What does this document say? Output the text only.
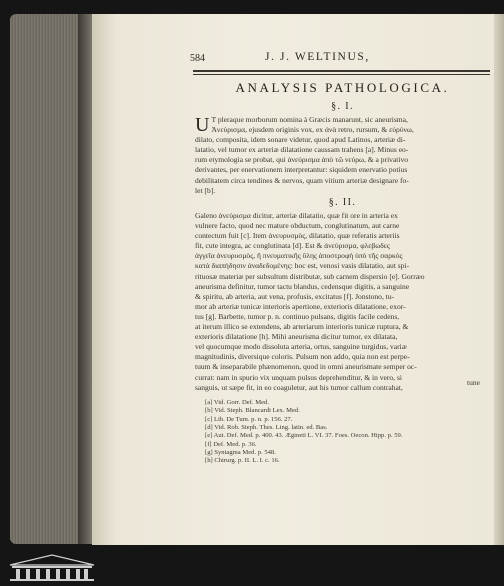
584	J. J. WELTINUS,
ANALYSIS PATHOLOGICA.
§. I.
U T pleraque morborum nomina à Græcis manarunt, sic aneurisma,
Ἀνεύρισμα, ejusdem originis vox, ex ἀνὰ retro, rursum, & εὐρύνω,
dilato, composita, idem sonare videtur, quod apud Latinos, arteriæ di-
latatio, vel tumor ex arteriæ dilatatione caussam trahens [a]. Minus eo-
rum etymologia se probat, qui ἀνεύρισμα ἀπὸ τῶ νεύρω, & a privativo
derivantes, per enervationem interpretantur: siquidem enervatio potius
debilitatem circa tendines & nervos, quam vitium arteriæ designare fo-
let [b].
§. II.
Galeno ἀνεύρισμα dicitur, arteriæ dilatatio, quæ fit ore in arteria ex
vulnere facto, quod nec mature obductum, conglutinatum, aut carne
contectum fuit [c]. Item ἀνευρυσμὸς, dilatatio, quæ referatis arteriis
fit, cute integra, ac conglutinata [d]. Est & ἀνεύρισμα, φλεβωδες
ἀγγεῖα ἀνευρυσμὸς, ἢ πνευματικῆς ὕλης ἀποστροφὴ ὑπὸ τῆς σαρκὸς
κατὰ διαπήδησιν ἀναδεδομένης: hoc est, venosi vasis dilatatio, aut spi-
rituosæ materiæ per subsultum distributæ, sub carnem dispersio [e]. Gorræo
aneurisma definitur, tumor tactu blandus, cedensque digitis, a sanguine
& spiritu, ab arteria, aut vena, profusis, excitatus [f]. Jonstono, tu-
mor ab arteriæ tunicæ interioris apertione, exterioris dilatatione, exor-
tus [g]. Barbette, tumor p. n. continuo pulsans, digitis facile cedens,
at iterum illico se extendens, ab arteriarum interioris tunicæ ruptura, &
exterioris dilatatione [h]. Mihi aneurisma dicitur tumor, ex dilatata,
vel quocumque modo dissoluta arteria, ortus, sanguine turgidus, variæ
magnitudinis, diversique coloris. Pulsum non addo, quia non est perpe-
tuum & inseparabile phænomenon, quod in omni aneurismate semper oc-
currat: nam in spurio vix unquam pulsus deprehenditur, & in vero, si
sanguis, ut sæpe fit, in eo coaguletur, aut his tumor callum contrahat,
tune
[a] Vid. Gorr. Def. Med.
[b] Vid. Steph. Blancardi Lex. Med.
[c] Lib. De Tum. p. n. p. 156. 27.
[d] Vid. Rob. Steph. Thes. Ling. latin. ed. Bas.
[e] Aut. Def. Med. p. 400. 43. Ægineti L. VI. 37. Foes. Oecon. Hipp. p. 59.
[f] Def. Med. p. 36.
[g] Syntagma Med. p. 548.
[h] Chirurg. p. II. L. I. c. 16.
